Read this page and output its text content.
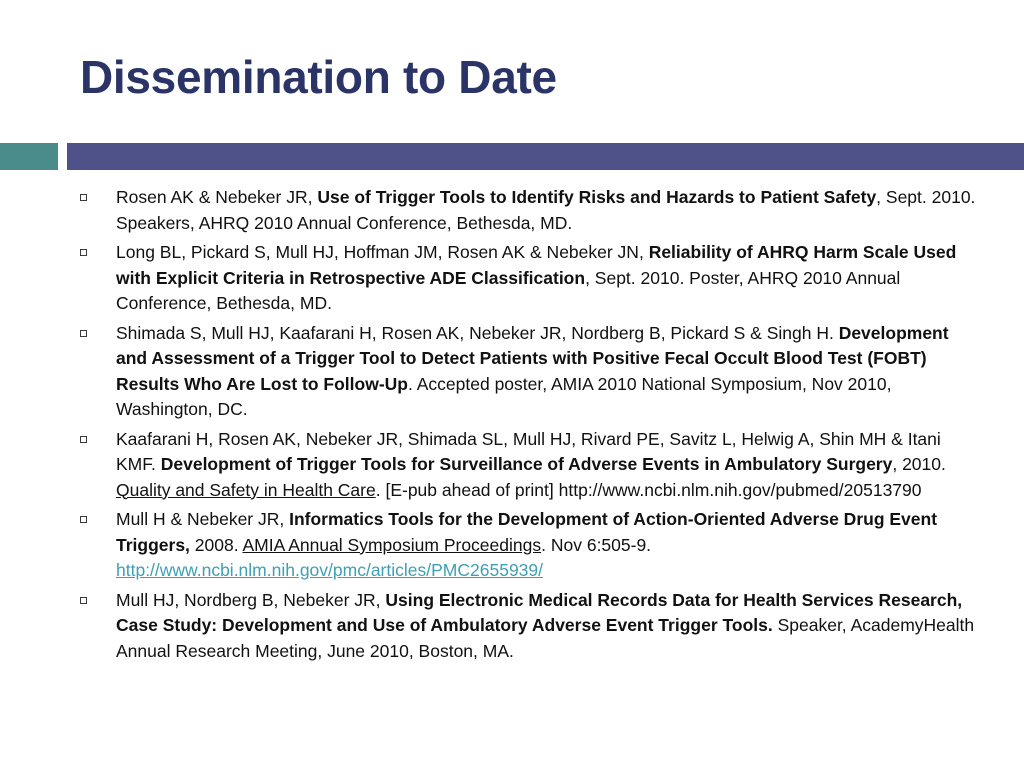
Dissemination to Date
Rosen AK & Nebeker JR, Use of Trigger Tools to Identify Risks and Hazards to Patient Safety, Sept. 2010. Speakers, AHRQ 2010 Annual Conference, Bethesda, MD.
Long BL, Pickard S, Mull HJ, Hoffman JM, Rosen AK & Nebeker JN, Reliability of AHRQ Harm Scale Used with Explicit Criteria in Retrospective ADE Classification, Sept. 2010. Poster, AHRQ 2010 Annual Conference, Bethesda, MD.
Shimada S, Mull HJ, Kaafarani H, Rosen AK, Nebeker JR, Nordberg B, Pickard S & Singh H. Development and Assessment of a Trigger Tool to Detect Patients with Positive Fecal Occult Blood Test (FOBT) Results Who Are Lost to Follow-Up. Accepted poster, AMIA 2010 National Symposium, Nov 2010, Washington, DC.
Kaafarani H, Rosen AK, Nebeker JR, Shimada SL, Mull HJ, Rivard PE, Savitz L, Helwig A, Shin MH & Itani KMF. Development of Trigger Tools for Surveillance of Adverse Events in Ambulatory Surgery, 2010. Quality and Safety in Health Care. [E-pub ahead of print] http://www.ncbi.nlm.nih.gov/pubmed/20513790
Mull H & Nebeker JR, Informatics Tools for the Development of Action-Oriented Adverse Drug Event Triggers, 2008. AMIA Annual Symposium Proceedings. Nov 6:505-9. http://www.ncbi.nlm.nih.gov/pmc/articles/PMC2655939/
Mull HJ, Nordberg B, Nebeker JR, Using Electronic Medical Records Data for Health Services Research, Case Study: Development and Use of Ambulatory Adverse Event Trigger Tools. Speaker, AcademyHealth Annual Research Meeting, June 2010, Boston, MA.
